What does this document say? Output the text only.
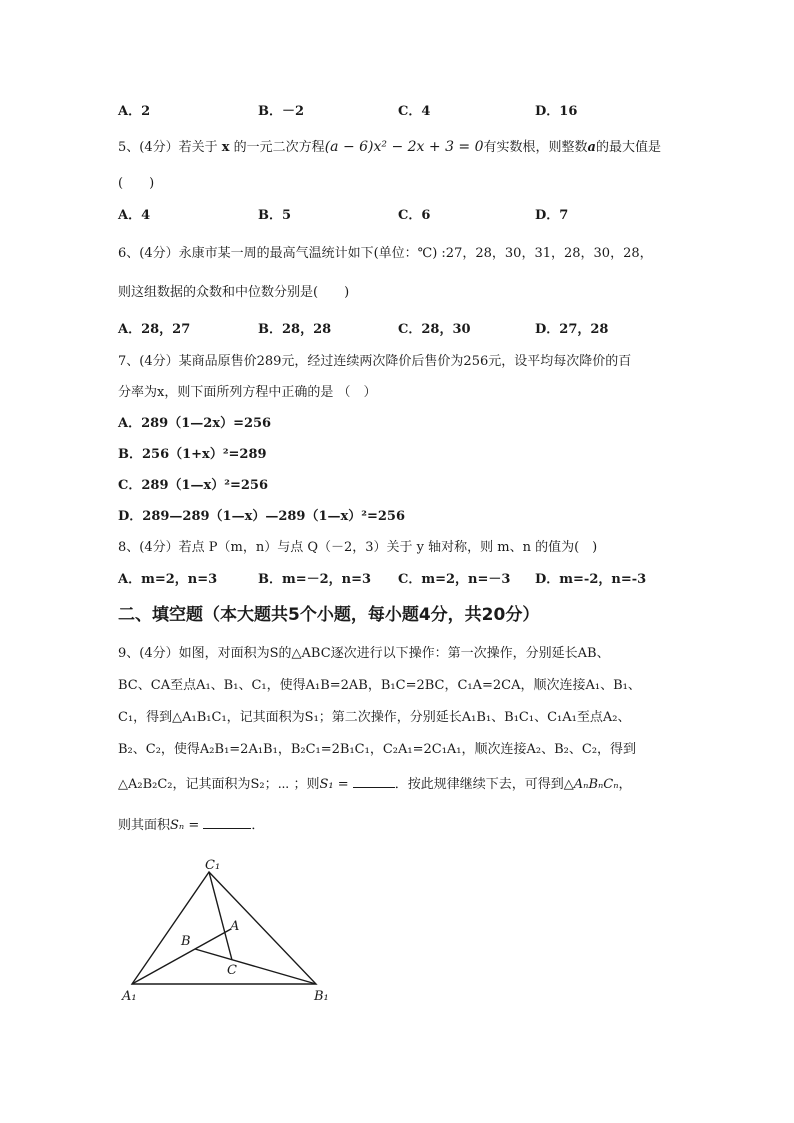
A．2	B．－2	C．4	D．16
5、(4分）若关于 x 的一元二次方程(a − 6)x² − 2x + 3 = 0有实数根，则整数a的最大值是
(　　)
A．4	B．5	C．6	D．7
6、(4分）永康市某一周的最高气温统计如下(单位：℃) :27，28，30，31，28，30，28，
则这组数据的众数和中位数分别是(　　)
A．28，27	B．28，28	C．28，30	D．27，28
7、(4分）某商品原售价289元，经过连续两次降价后售价为256元，设平均每次降价的百
分率为x，则下面所列方程中正确的是 （　）
A．289（1—2x）=256
B．256（1+x）²=289
C．289（1—x）²=256
D．289—289（1—x）—289（1—x）²=256
8、(4分）若点 P（m，n）与点 Q（－2，3）关于 y 轴对称，则 m、n 的值为(　)
A．m=2，n=3	B．m=－2，n=3 C．m=2，n=－3 D．m=-2，n=-3
二、填空题（本大题共5个小题，每小题4分，共20分）
9、(4分）如图，对面积为S的△ABC逐次进行以下操作：第一次操作，分别延长AB、
BC、CA至点A₁、B₁、C₁，使得A₁B=2AB，B₁C=2BC，C₁A=2CA，顺次连接A₁、B₁、
C₁，得到△A₁B₁C₁，记其面积为S₁；第二次操作，分别延长A₁B₁、B₁C₁、C₁A₁至点A₂、
B₂、C₂，使得A₂B₁=2A₁B₁，B₂C₁=2B₁C₁，C₂A₁=2C₁A₁，顺次连接A₂、B₂、C₂，得到
△A₂B₂C₂，记其面积为S₂；⋯ ；则S₁ =	．按此规律继续下去，可得到△AₙBₙCₙ，
则其面积Sₙ =	．
C₁
A
B
C
A₁	B₁
